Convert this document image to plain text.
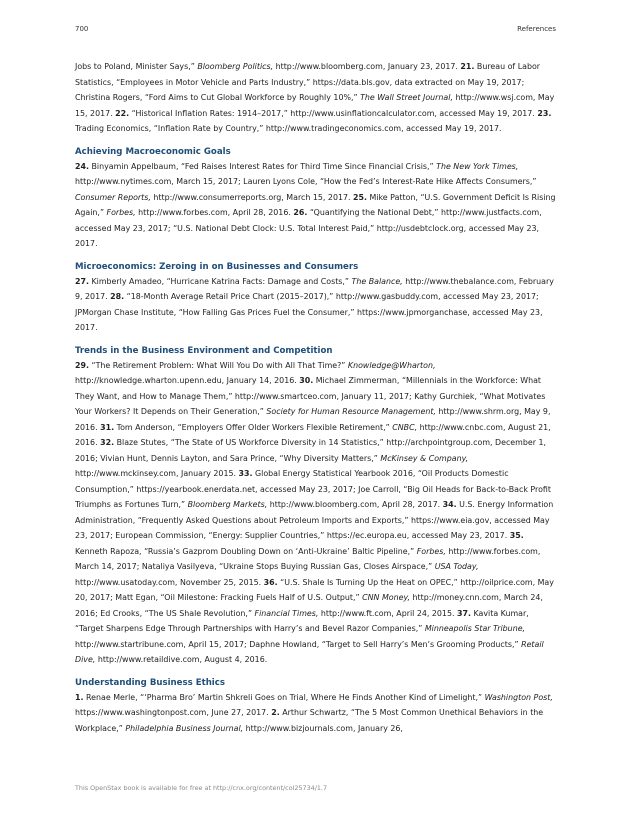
700	References

Jobs to Poland, Minister Says,” Bloomberg Politics, http://www.bloomberg.com, January 23, 2017. 21. Bureau of Labor Statistics, “Employees in Motor Vehicle and Parts Industry,” https://data.bls.gov, data extracted on May 19, 2017; Christina Rogers, “Ford Aims to Cut Global Workforce by Roughly 10%,” The Wall Street Journal, http://www.wsj.com, May 15, 2017. 22. “Historical Inflation Rates: 1914–2017,” http://www.usinflationcalculator.com, accessed May 19, 2017. 23. Trading Economics, “Inflation Rate by Country,” http://www.tradingeconomics.com, accessed May 19, 2017.

Achieving Macroeconomic Goals

24. Binyamin Appelbaum, “Fed Raises Interest Rates for Third Time Since Financial Crisis,” The New York Times, http://www.nytimes.com, March 15, 2017; Lauren Lyons Cole, “How the Fed’s Interest-Rate Hike Affects Consumers,” Consumer Reports, http://www.consumerreports.org, March 15, 2017. 25. Mike Patton, “U.S. Government Deficit Is Rising Again,” Forbes, http://www.forbes.com, April 28, 2016. 26. “Quantifying the National Debt,” http://www.justfacts.com, accessed May 23, 2017; “U.S. National Debt Clock: U.S. Total Interest Paid,” http://usdebtclock.org, accessed May 23, 2017.

Microeconomics: Zeroing in on Businesses and Consumers

27. Kimberly Amadeo, “Hurricane Katrina Facts: Damage and Costs,” The Balance, http://www.thebalance.com, February 9, 2017. 28. “18-Month Average Retail Price Chart (2015–2017),” http://www.gasbuddy.com, accessed May 23, 2017; JPMorgan Chase Institute, “How Falling Gas Prices Fuel the Consumer,” https://www.jpmorganchase, accessed May 23, 2017.

Trends in the Business Environment and Competition

29. “The Retirement Problem: What Will You Do with All That Time?” Knowledge@Wharton, http://knowledge.wharton.upenn.edu, January 14, 2016. 30. Michael Zimmerman, “Millennials in the Workforce: What They Want, and How to Manage Them,” http://www.smartceo.com, January 11, 2017; Kathy Gurchiek, “What Motivates Your Workers? It Depends on Their Generation,” Society for Human Resource Management, http://www.shrm.org, May 9, 2016. 31. Tom Anderson, “Employers Offer Older Workers Flexible Retirement,” CNBC, http://www.cnbc.com, August 21, 2016. 32. Blaze Stutes, “The State of US Workforce Diversity in 14 Statistics,” http://archpointgroup.com, December 1, 2016; Vivian Hunt, Dennis Layton, and Sara Prince, “Why Diversity Matters,” McKinsey & Company, http://www.mckinsey.com, January 2015. 33. Global Energy Statistical Yearbook 2016, “Oil Products Domestic Consumption,” https://yearbook.enerdata.net, accessed May 23, 2017; Joe Carroll, “Big Oil Heads for Back-to-Back Profit Triumphs as Fortunes Turn,” Bloomberg Markets, http://www.bloomberg.com, April 28, 2017. 34. U.S. Energy Information Administration, “Frequently Asked Questions about Petroleum Imports and Exports,” https://www.eia.gov, accessed May 23, 2017; European Commission, “Energy: Supplier Countries,” https://ec.europa.eu, accessed May 23, 2017. 35. Kenneth Rapoza, “Russia’s Gazprom Doubling Down on ‘Anti-Ukraine’ Baltic Pipeline,” Forbes, http://www.forbes.com, March 14, 2017; Nataliya Vasilyeva, “Ukraine Stops Buying Russian Gas, Closes Airspace,” USA Today, http://www.usatoday.com, November 25, 2015. 36. “U.S. Shale Is Turning Up the Heat on OPEC,” http://oilprice.com, May 20, 2017; Matt Egan, “Oil Milestone: Fracking Fuels Half of U.S. Output,” CNN Money, http://money.cnn.com, March 24, 2016; Ed Crooks, “The US Shale Revolution,” Financial Times, http://www.ft.com, April 24, 2015. 37. Kavita Kumar, “Target Sharpens Edge Through Partnerships with Harry’s and Bevel Razor Companies,” Minneapolis Star Tribune, http://www.startribune.com, April 15, 2017; Daphne Howland, “Target to Sell Harry’s Men’s Grooming Products,” Retail Dive, http://www.retaildive.com, August 4, 2016.

Understanding Business Ethics

1. Renae Merle, “‘Pharma Bro’ Martin Shkreli Goes on Trial, Where He Finds Another Kind of Limelight,” Washington Post, https://www.washingtonpost.com, June 27, 2017. 2. Arthur Schwartz, “The 5 Most Common Unethical Behaviors in the Workplace,” Philadelphia Business Journal, http://www.bizjournals.com, January 26,

This OpenStax book is available for free at http://cnx.org/content/col25734/1.7
